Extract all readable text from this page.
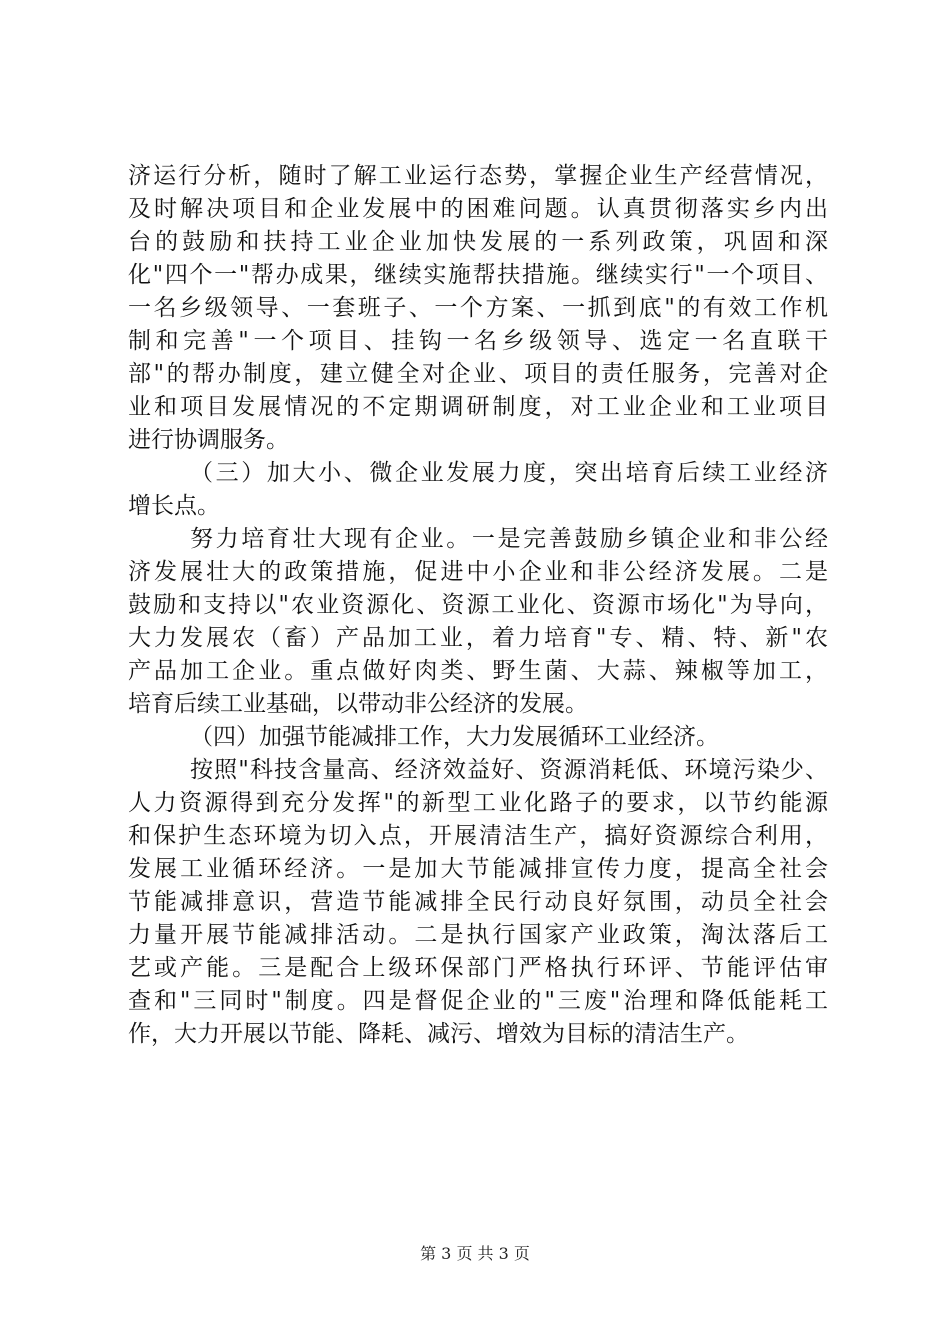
济运行分析，随时了解工业运行态势，掌握企业生产经营情况，
及时解决项目和企业发展中的困难问题。认真贯彻落实乡内出
台的鼓励和扶持工业企业加快发展的一系列政策，巩固和深
化"四个一"帮办成果，继续实施帮扶措施。继续实行"一个项目、
一名乡级领导、一套班子、一个方案、一抓到底"的有效工作机
制和完善"一个项目、挂钩一名乡级领导、选定一名直联干
部"的帮办制度，建立健全对企业、项目的责任服务，完善对企
业和项目发展情况的不定期调研制度，对工业企业和工业项目
进行协调服务。
（三）加大小、微企业发展力度，突出培育后续工业经济
增长点。
努力培育壮大现有企业。一是完善鼓励乡镇企业和非公经
济发展壮大的政策措施，促进中小企业和非公经济发展。二是
鼓励和支持以"农业资源化、资源工业化、资源市场化"为导向，
大力发展农（畜）产品加工业，着力培育"专、精、特、新"农
产品加工企业。重点做好肉类、野生菌、大蒜、辣椒等加工，
培育后续工业基础，以带动非公经济的发展。
（四）加强节能减排工作，大力发展循环工业经济。
按照"科技含量高、经济效益好、资源消耗低、环境污染少、
人力资源得到充分发挥"的新型工业化路子的要求，以节约能源
和保护生态环境为切入点，开展清洁生产，搞好资源综合利用，
发展工业循环经济。一是加大节能减排宣传力度，提高全社会
节能减排意识，营造节能减排全民行动良好氛围，动员全社会
力量开展节能减排活动。二是执行国家产业政策，淘汰落后工
艺或产能。三是配合上级环保部门严格执行环评、节能评估审
查和"三同时"制度。四是督促企业的"三废"治理和降低能耗工
作，大力开展以节能、降耗、减污、增效为目标的清洁生产。
第 3 页 共 3 页
